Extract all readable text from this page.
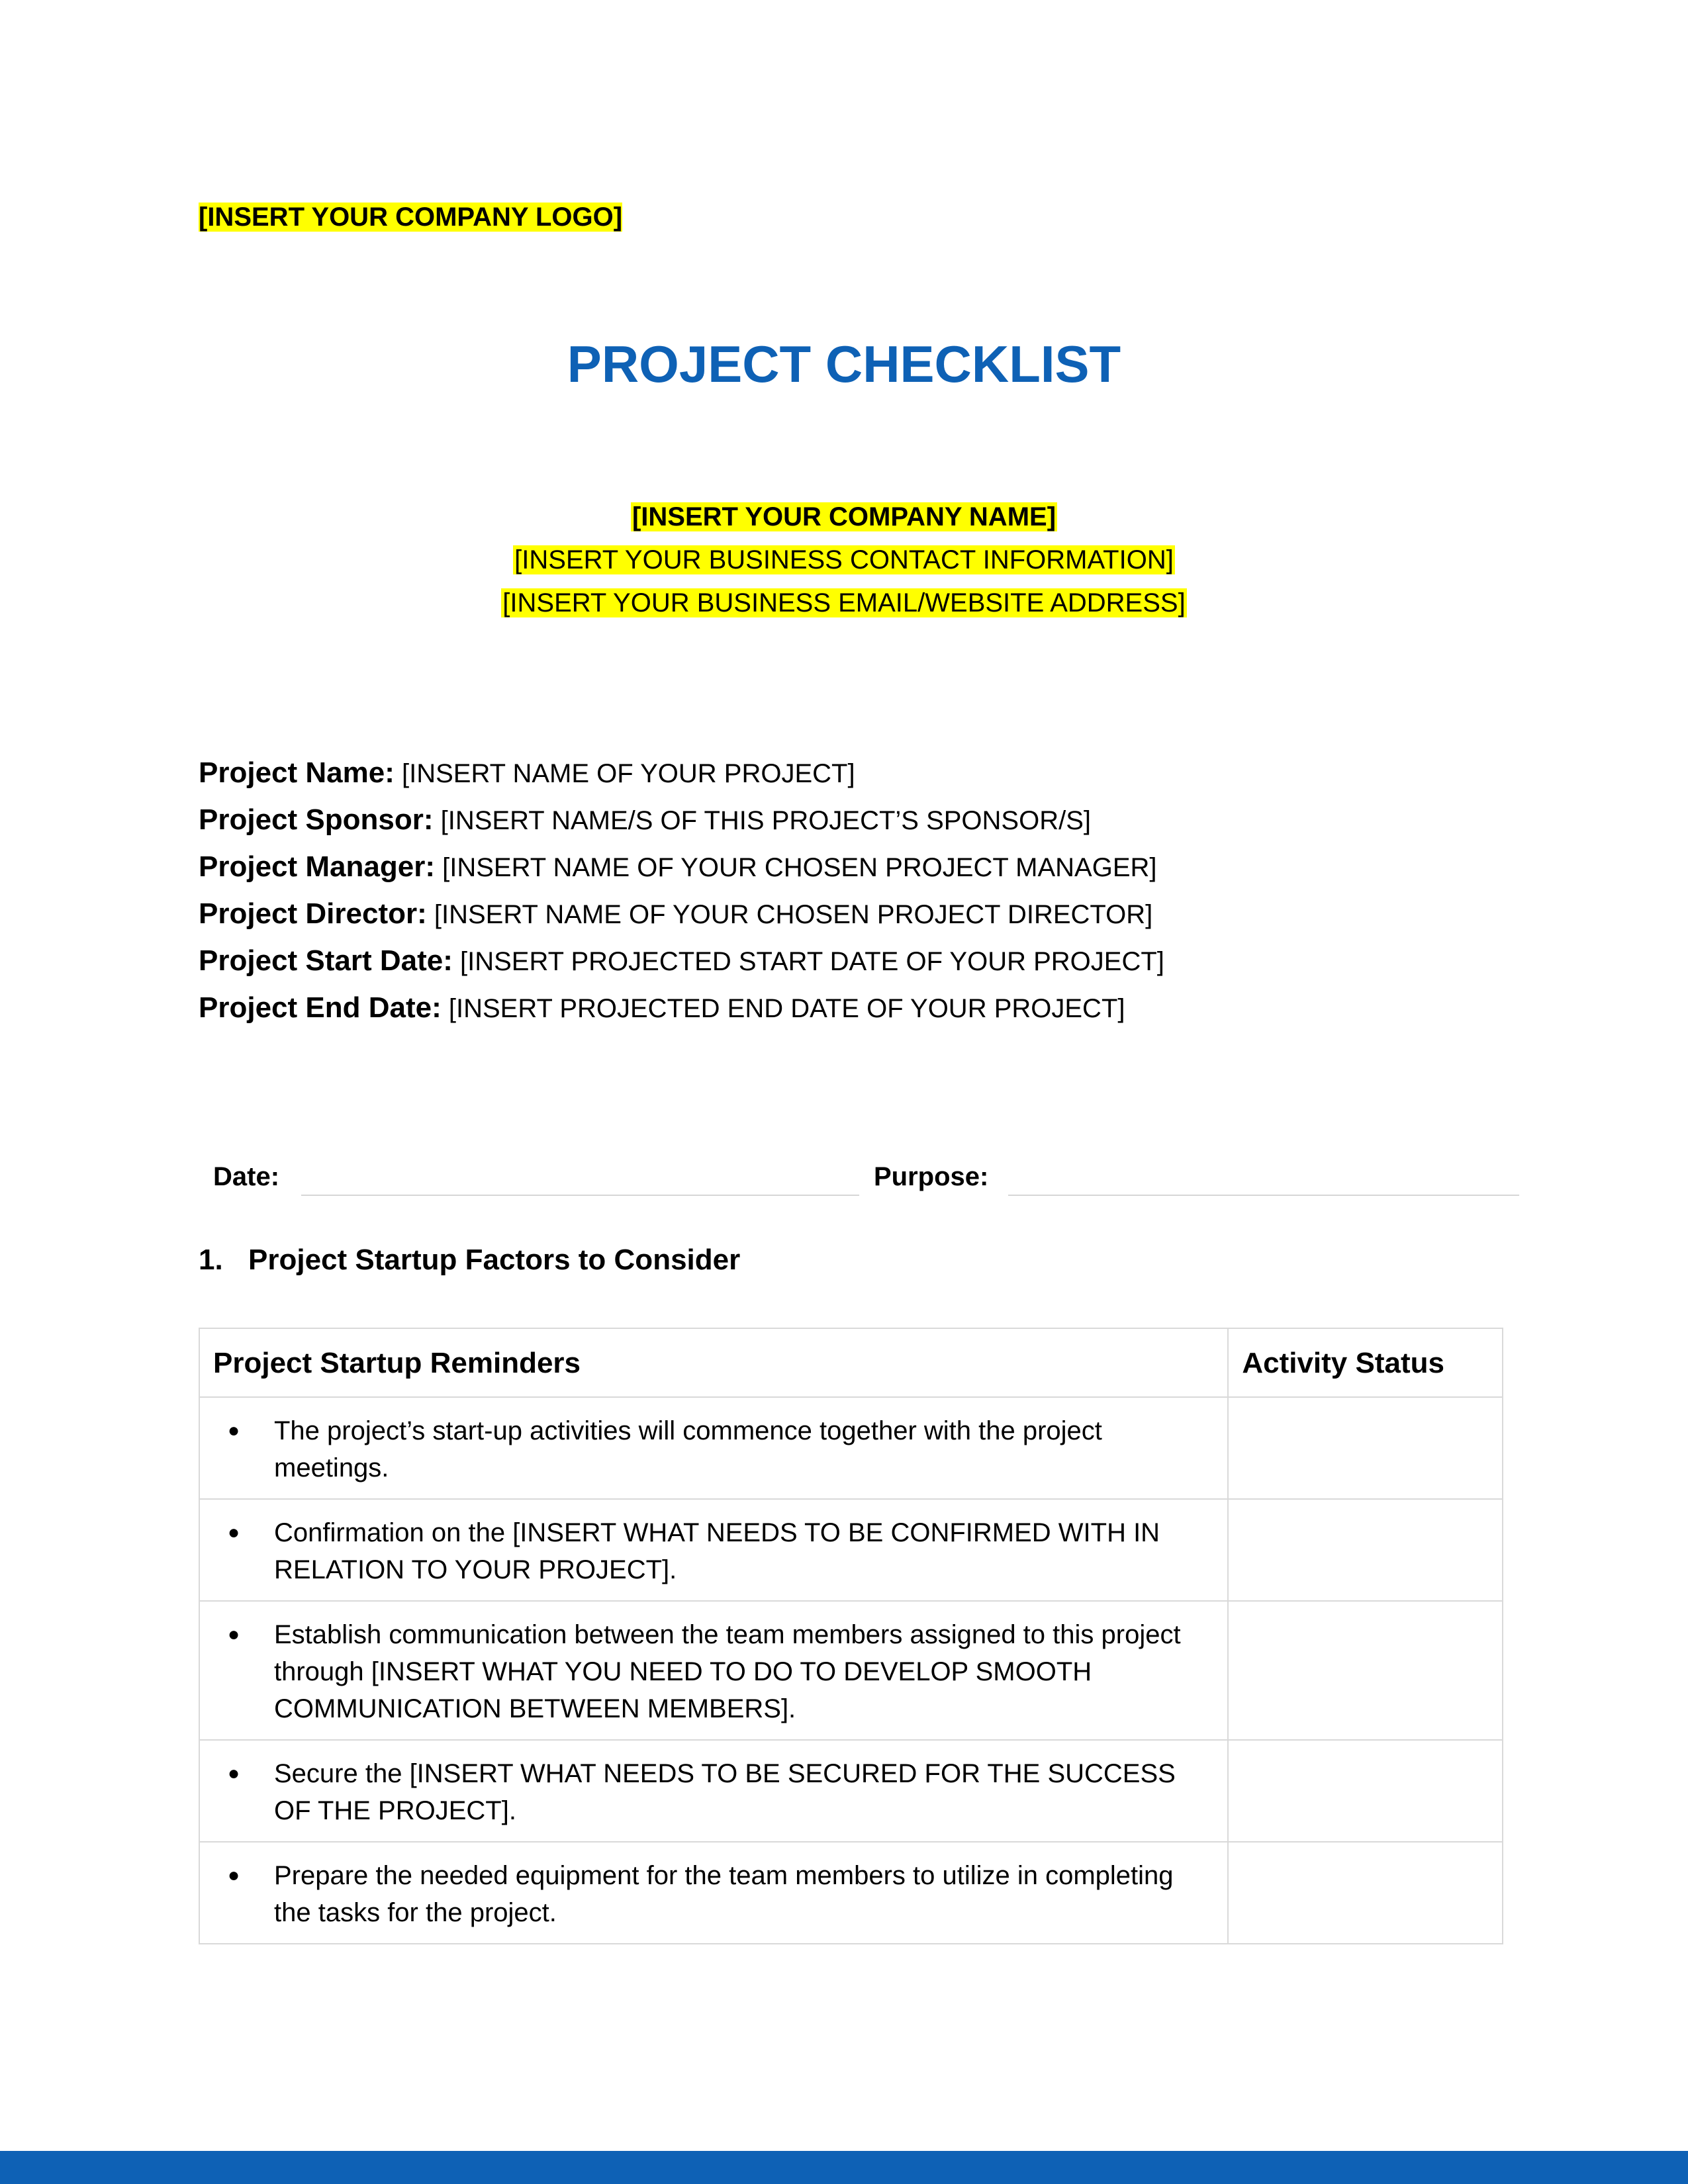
[INSERT YOUR COMPANY LOGO]
PROJECT CHECKLIST
[INSERT YOUR COMPANY NAME]
[INSERT YOUR BUSINESS CONTACT INFORMATION]
[INSERT YOUR BUSINESS EMAIL/WEBSITE ADDRESS]
Project Name: [INSERT NAME OF YOUR PROJECT]
Project Sponsor: [INSERT NAME/S OF THIS PROJECT’S SPONSOR/S]
Project Manager: [INSERT NAME OF YOUR CHOSEN PROJECT MANAGER]
Project Director: [INSERT NAME OF YOUR CHOSEN PROJECT DIRECTOR]
Project Start Date: [INSERT PROJECTED START DATE OF YOUR PROJECT]
Project End Date: [INSERT PROJECTED END DATE OF YOUR PROJECT]
Date:	Purpose:
1. Project Startup Factors to Consider
Project Startup Reminders	Activity Status

● The project’s start-up activities will commence together with the project meetings.	

● Confirmation on the [INSERT WHAT NEEDS TO BE CONFIRMED WITH IN RELATION TO YOUR PROJECT].	

● Establish communication between the team members assigned to this project through [INSERT WHAT YOU NEED TO DO TO DEVELOP SMOOTH COMMUNICATION BETWEEN MEMBERS].	

● Secure the [INSERT WHAT NEEDS TO BE SECURED FOR THE SUCCESS OF THE PROJECT].	

● Prepare the needed equipment for the team members to utilize in completing the tasks for the project.	
